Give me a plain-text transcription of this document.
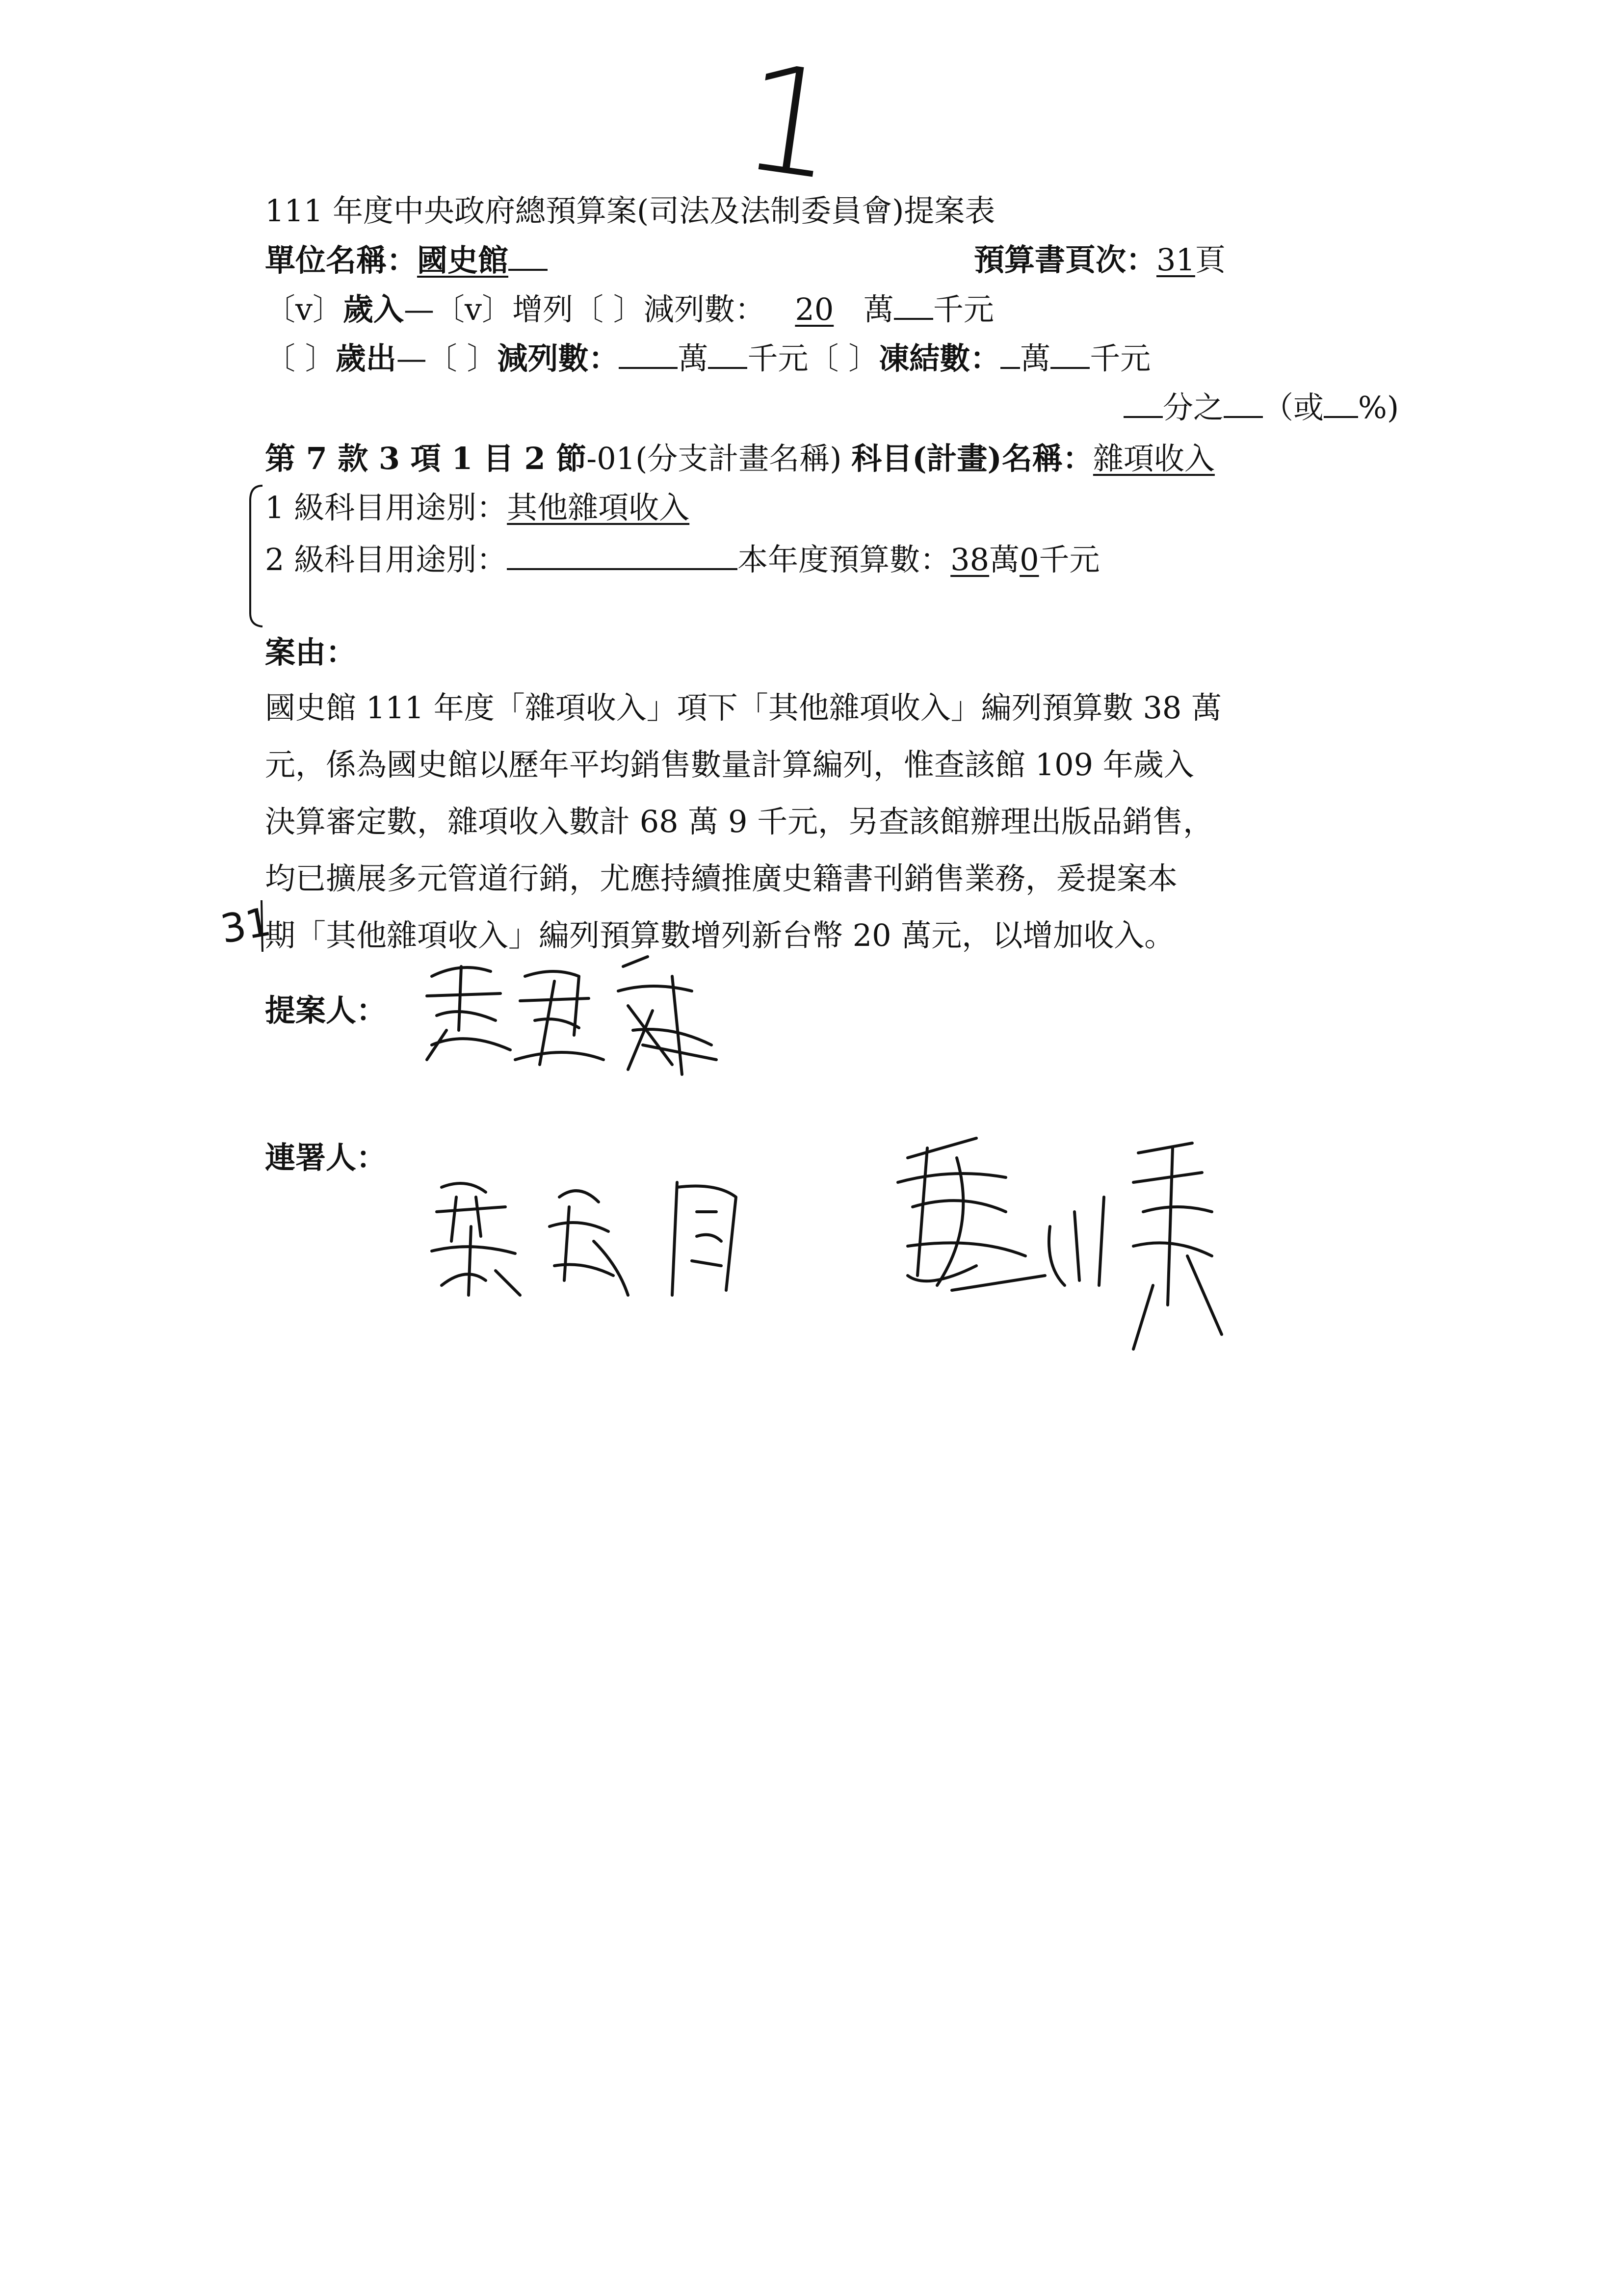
1
111 年度中央政府總預算案(司法及法制委員會)提案表
單位名稱：國史館	預算書頁次：31頁
〔v〕歲入—〔v〕增列〔 〕減列數： 20 萬 千元
〔 〕歲出—〔 〕減列數： 萬 千元〔 〕凍結數： 萬 千元
分之 （或 %)
第 7 款 3 項 1 目 2 節-01(分支計畫名稱) 科目(計畫)名稱：雜項收入
1 級科目用途別：其他雜項收入
2 級科目用途別：	本年度預算數：38萬0千元
案由：
國史館 111 年度「雜項收入」項下「其他雜項收入」編列預算數 38 萬
元，係為國史館以歷年平均銷售數量計算編列，惟查該館 109 年歲入
決算審定數，雜項收入數計 68 萬 9 千元，另查該館辦理出版品銷售，
均已擴展多元管道行銷，尤應持續推廣史籍書刊銷售業務，爰提案本
期「其他雜項收入」編列預算數增列新台幣 20 萬元，以增加收入。
31
提案人：
連署人：
